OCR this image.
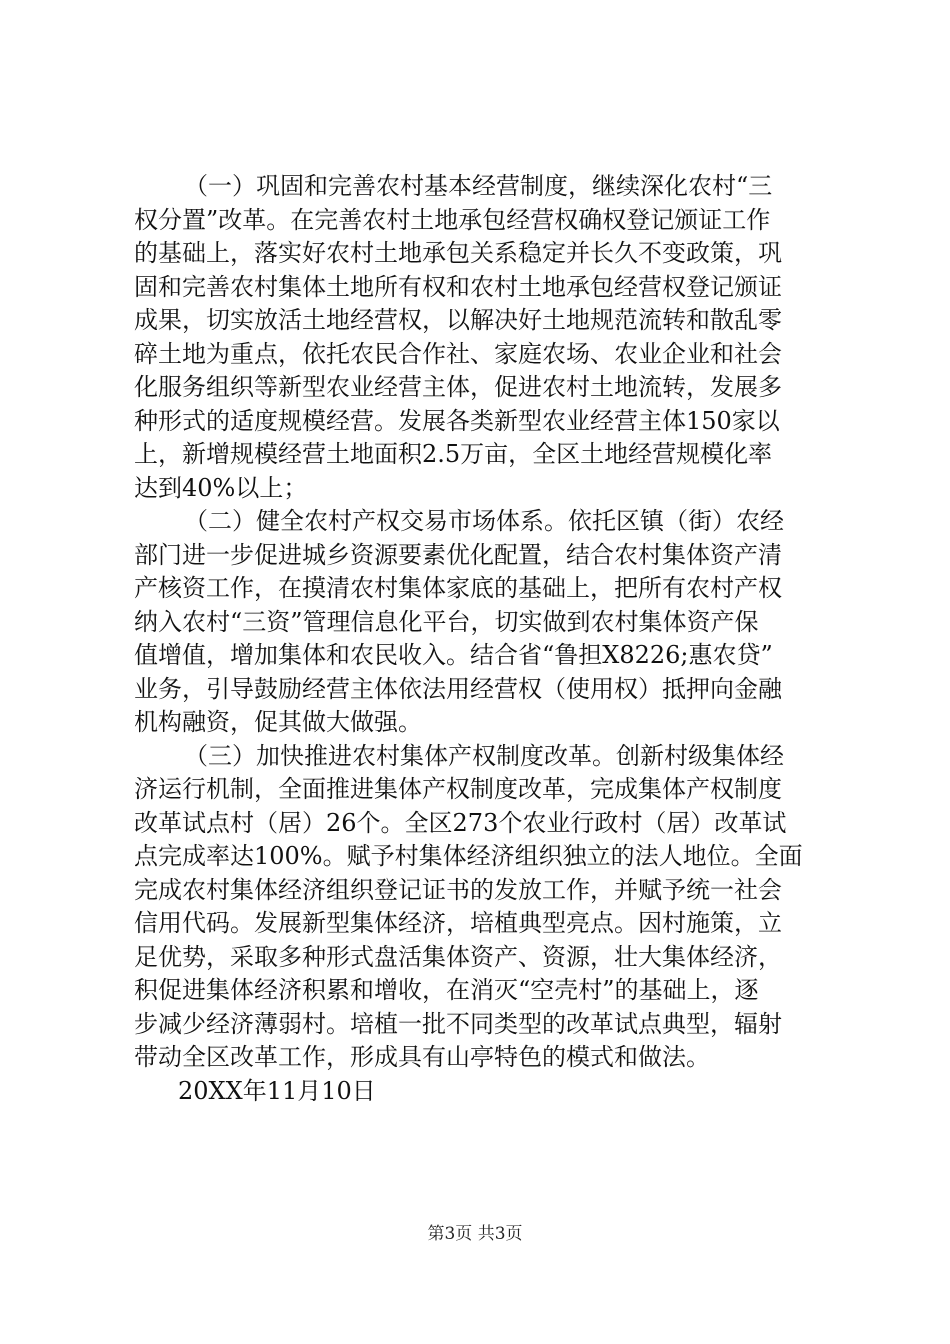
（一）巩固和完善农村基本经营制度，继续深化农村“三
权分置”改革。在完善农村土地承包经营权确权登记颁证工作
的基础上，落实好农村土地承包关系稳定并长久不变政策，巩
固和完善农村集体土地所有权和农村土地承包经营权登记颁证
成果，切实放活土地经营权，以解决好土地规范流转和散乱零
碎土地为重点，依托农民合作社、家庭农场、农业企业和社会
化服务组织等新型农业经营主体，促进农村土地流转，发展多
种形式的适度规模经营。发展各类新型农业经营主体150家以
上，新增规模经营土地面积2.5万亩，全区土地经营规模化率
达到40%以上；
（二）健全农村产权交易市场体系。依托区镇（街）农经
部门进一步促进城乡资源要素优化配置，结合农村集体资产清
产核资工作，在摸清农村集体家底的基础上，把所有农村产权
纳入农村“三资”管理信息化平台，切实做到农村集体资产保
值增值，增加集体和农民收入。结合省“鲁担X8226;惠农贷”
业务，引导鼓励经营主体依法用经营权（使用权）抵押向金融
机构融资，促其做大做强。
（三）加快推进农村集体产权制度改革。创新村级集体经
济运行机制，全面推进集体产权制度改革，完成集体产权制度
改革试点村（居）26个。全区273个农业行政村（居）改革试
点完成率达100%。赋予村集体经济组织独立的法人地位。全面
完成农村集体经济组织登记证书的发放工作，并赋予统一社会
信用代码。发展新型集体经济，培植典型亮点。因村施策，立
足优势，采取多种形式盘活集体资产、资源，壮大集体经济，
积促进集体经济积累和增收，在消灭“空壳村”的基础上，逐
步减少经济薄弱村。培植一批不同类型的改革试点典型，辐射
带动全区改革工作，形成具有山亭特色的模式和做法。
20XX年11月10日
第3页 共3页
